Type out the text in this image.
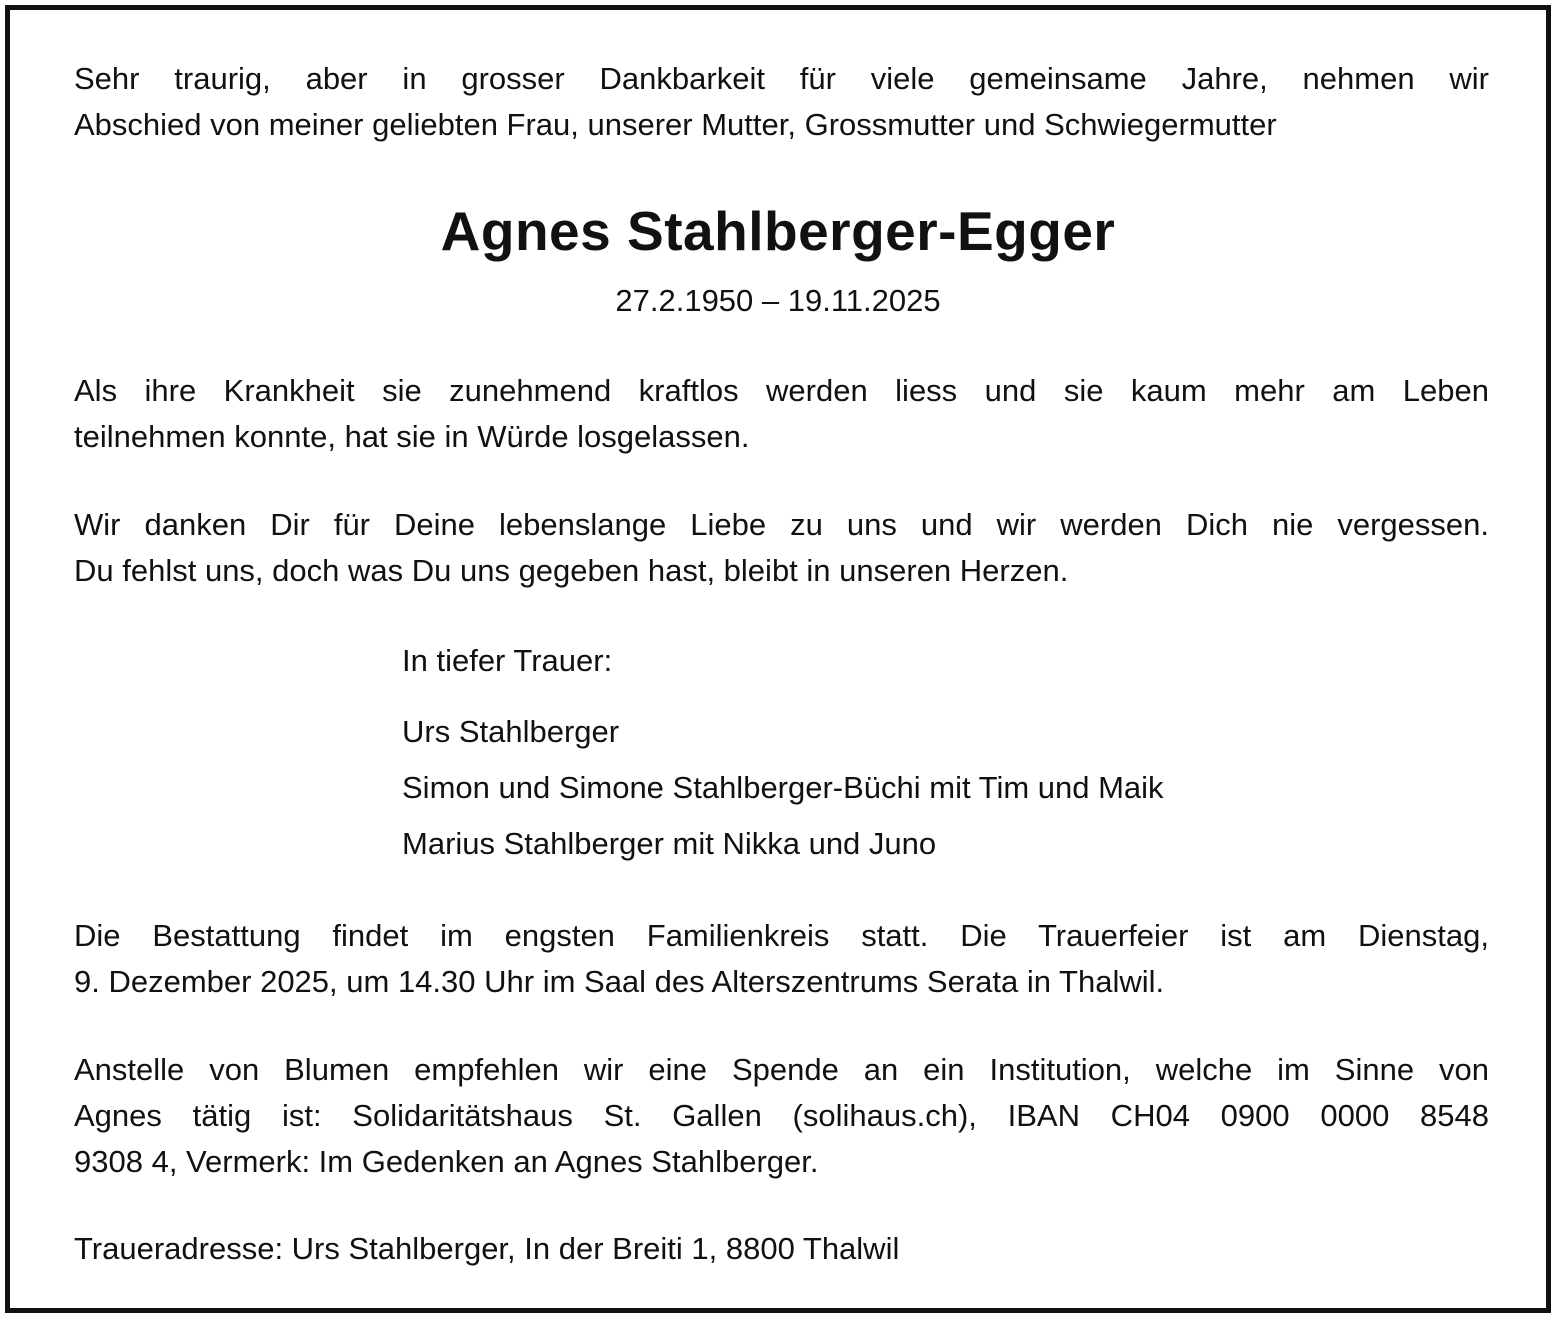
Sehr traurig, aber in grosser Dankbarkeit für viele gemeinsame Jahre, nehmen wir
Abschied von meiner geliebten Frau, unserer Mutter, Grossmutter und Schwiegermutter
Agnes Stahlberger-Egger
27.2.1950 – 19.11.2025
Als ihre Krankheit sie zunehmend kraftlos werden liess und sie kaum mehr am Leben
teilnehmen konnte, hat sie in Würde losgelassen.
Wir danken Dir für Deine lebenslange Liebe zu uns und wir werden Dich nie vergessen.
Du fehlst uns, doch was Du uns gegeben hast, bleibt in unseren Herzen.
In tiefer Trauer:
Urs Stahlberger
Simon und Simone Stahlberger-Büchi mit Tim und Maik
Marius Stahlberger mit Nikka und Juno
Die Bestattung findet im engsten Familienkreis statt. Die Trauerfeier ist am Dienstag,
9. Dezember 2025, um 14.30 Uhr im Saal des Alterszentrums Serata in Thalwil.
Anstelle von Blumen empfehlen wir eine Spende an ein Institution, welche im Sinne von
Agnes tätig ist: Solidaritätshaus St. Gallen (solihaus.ch), IBAN CH04 0900 0000 8548
9308 4, Vermerk: Im Gedenken an Agnes Stahlberger.
Traueradresse: Urs Stahlberger, In der Breiti 1, 8800 Thalwil
